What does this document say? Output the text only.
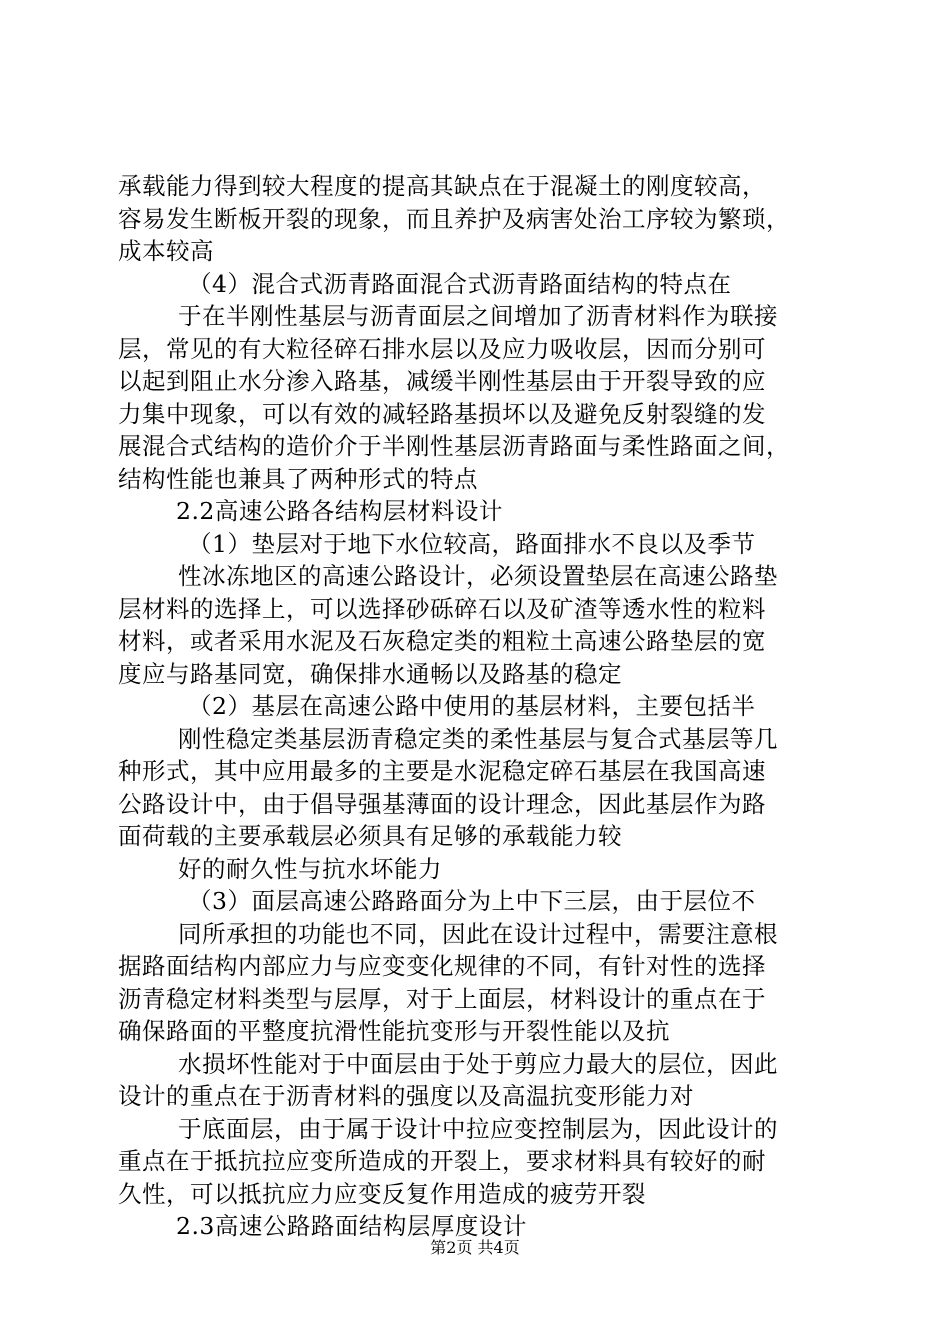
承载能力得到较大程度的提高其缺点在于混凝土的刚度较高，
容易发生断板开裂的现象，而且养护及病害处治工序较为繁琐，
成本较高
（4）混合式沥青路面混合式沥青路面结构的特点在
于在半刚性基层与沥青面层之间增加了沥青材料作为联接
层，常见的有大粒径碎石排水层以及应力吸收层，因而分别可
以起到阻止水分渗入路基，减缓半刚性基层由于开裂导致的应
力集中现象，可以有效的减轻路基损坏以及避免反射裂缝的发
展混合式结构的造价介于半刚性基层沥青路面与柔性路面之间，
结构性能也兼具了两种形式的特点
2.2高速公路各结构层材料设计
（1）垫层对于地下水位较高，路面排水不良以及季节
性冰冻地区的高速公路设计，必须设置垫层在高速公路垫
层材料的选择上，可以选择砂砾碎石以及矿渣等透水性的粒料
材料，或者采用水泥及石灰稳定类的粗粒土高速公路垫层的宽
度应与路基同宽，确保排水通畅以及路基的稳定
（2）基层在高速公路中使用的基层材料，主要包括半
刚性稳定类基层沥青稳定类的柔性基层与复合式基层等几
种形式，其中应用最多的主要是水泥稳定碎石基层在我国高速
公路设计中，由于倡导强基薄面的设计理念，因此基层作为路
面荷载的主要承载层必须具有足够的承载能力较
好的耐久性与抗水坏能力
（3）面层高速公路路面分为上中下三层，由于层位不
同所承担的功能也不同，因此在设计过程中，需要注意根
据路面结构内部应力与应变变化规律的不同，有针对性的选择
沥青稳定材料类型与层厚，对于上面层，材料设计的重点在于
确保路面的平整度抗滑性能抗变形与开裂性能以及抗
水损坏性能对于中面层由于处于剪应力最大的层位，因此
设计的重点在于沥青材料的强度以及高温抗变形能力对
于底面层，由于属于设计中拉应变控制层为，因此设计的
重点在于抵抗拉应变所造成的开裂上，要求材料具有较好的耐
久性，可以抵抗应力应变反复作用造成的疲劳开裂
2.3高速公路路面结构层厚度设计
第2页 共4页
